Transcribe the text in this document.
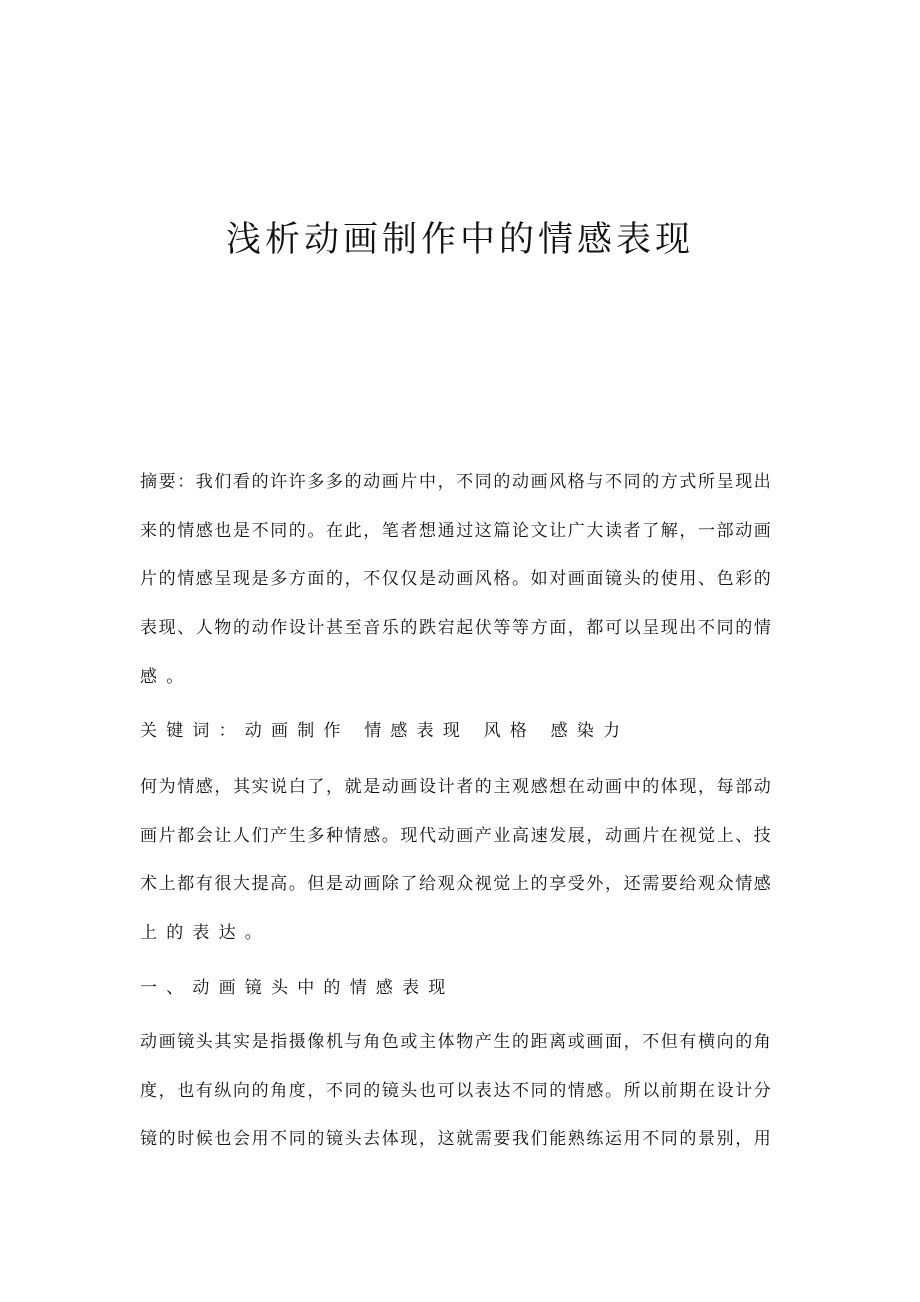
浅析动画制作中的情感表现
摘要：我们看的许许多多的动画片中，不同的动画风格与不同的方式所呈现出
来的情感也是不同的。在此，笔者想通过这篇论文让广大读者了解，一部动画
片的情感呈现是多方面的，不仅仅是动画风格。如对画面镜头的使用、色彩的
表现、人物的动作设计甚至音乐的跌宕起伏等等方面，都可以呈现出不同的情
感。
关键词：动画制作 情感表现 风格 感染力
何为情感，其实说白了，就是动画设计者的主观感想在动画中的体现，每部动
画片都会让人们产生多种情感。现代动画产业高速发展，动画片在视觉上、技
术上都有很大提高。但是动画除了给观众视觉上的享受外，还需要给观众情感
上的表达。
一、动画镜头中的情感表现
动画镜头其实是指摄像机与角色或主体物产生的距离或画面，不但有横向的角
度，也有纵向的角度，不同的镜头也可以表达不同的情感。所以前期在设计分
镜的时候也会用不同的镜头去体现，这就需要我们能熟练运用不同的景别，用
